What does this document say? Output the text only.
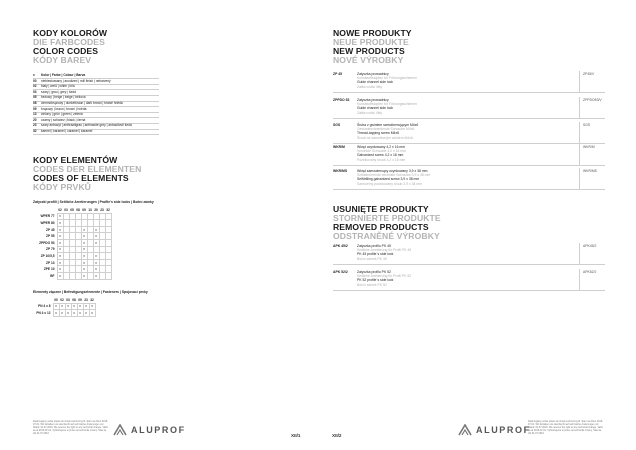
KODY KOLORÓW
DIE FARBCODES
COLOR CODES
KÓDY BAREV
x Kolor | Farbe | Colour | Barva
00 niebieskowany | anodized | mill finish | nebarvený
02 biały | weiß | white | bílá
03 szary | grau | grey | šedá
05 beżowy | beige | beige | béžová
08 ciemnobrązowy | dunkelbraun | dark brown | tmavě hnědá
09 brązowy | braun | brown | hnědá
13 zielony | grün | green | zelená
20 czarny | schwarz | black | černá
23 szary antracyt | anthrazitgrau | anthracite grey | antracitově šedá
32 karmel | karamel | caramel | karamel
KODY ELEMENTÓW
CODES DER ELEMENTEN
CODES OF ELEMENTS
KÓDY PRVKŮ
Zatyczki profili | Seitliche Arretierungen | Profile's side locks | Boční zámky
	02	03	05	08	09	13	20	23	32
WPER 77	x								
WPER 80	x								
ZP 45	x				x		x		
ZP 55	x				x		x		
ZPPDO 53	x				x		x		
ZP 79	x				x				
ZP 10/5,5	x				x		x		
ZP 13	x				x		x		
ZPE 10	x				x		x		
BF	x				x		x		
Elementy złączne | Befestigungselemente | Fasteners | Spojovací prvky
	00	02	03	08	09	23	32
PN 4 x 8	x	x	x	x	x	x	x
PN 4 x 12	x	x	x	x	x	x	x
Zastrzegamy sobie prawo do zmian technicznych. Stan na dzień 2016-07-01. Wir behalten uns das Recht auf technische Änderungen vor. Stand: 01.07.2016. We reserve the right to any technical change. Valid as at 2016-07-01. Vyhrazujeme si právo na technické změny. Stav ke dni 01.07.2016	ALUPROF
XII/1
NOWE PRODUKTY
NEUE PRODUKTE
NEW PRODUCTS
NOVÉ VÝROBKY
XII/2
USUNIĘTE PRODUKTY
STORNIERTE PRODUKTE
REMOVED PRODUCTS
ODSTRANĚNÉ VÝROBKY
ALUPROF
Zastrzegamy sobie prawo do zmian technicznych. Stan na dzień 2016-07-01. Wir behalten uns das Recht auf technische Änderungen vor. Stand: 01.07.2016. We reserve the right to any technical change. Valid as at 2016-07-01. Vyhrazujeme si právo na technické změny. Stav ke dni 01.07.2016
ZP 45	Zatyczka prowadnicy
Kunststoffstopfen für Führungsschienen
Guide channel side lock
Zátka vodicí lišty
ZP45/V
ZPPDO 53 Zatyczka prowadnicy
Kunststoffstopfen für Führungsschienen
Guide channel side lock
Zátka vodicí lišty
ZPPDO53/V
SGS	Śruba z gwintem samoformującym M4x6
Gewindeschneidende Schraube M4x6
Thread-tapping screw M4x6
Šroub se samořezným závitem M4x6
SGS
WKR/M	Wkręt ocynkowany 4,2 x 16 mm
Verzinkte Schraube 4,2 x 16 mm
Galvanized screw 4,2 x 16 mm
Pozinkovaný šroub 4,2 x 16 mm
WKR/M
WKR/MS	Wkręt samowiercący ocynkowany 3,9 x 38 mm
Selbstbohrende verzinkte Schraube 3,9 x 38 mm
Selfdrilling galvanized screw 3,9 x 38 mm
Samovrtný pozinkovaný šroub 3,9 x 38 mm
WKR/MS
APK 45/2	Zatyczka profilu PK 45
Seitliche Arretierung für Profil PK 45
PK 45 profile`s side lock
Boční zámek PK 45
APK45/2
APK 52/2	Zatyczka profilu PK 52
Seitliche Arretierung für Profil PK 52
PK 52 profile`s side lock
Boční zámek PK 52
APK52/2
